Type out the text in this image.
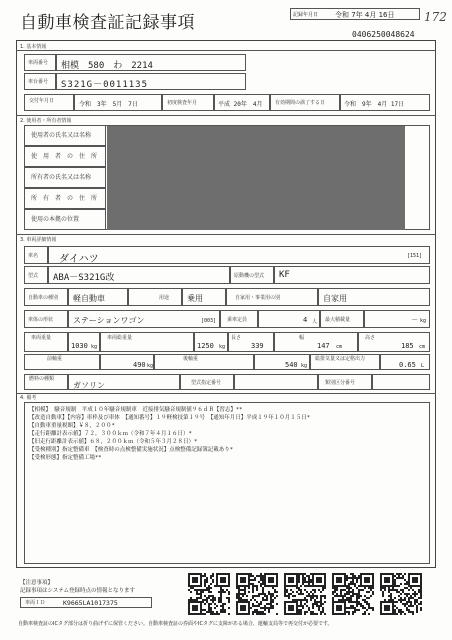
自動車検査証記録事項	記録年月日 令和 7年 4月 16日 172
0406250048624
1. 基本情報
車両番号 相模　580　わ　2214
車台番号 S321G－0011135
交付年月日	令和　3年　5月　7日	初度検査年月	平成 20年　4月	有効期間の満了する日	令和　9年　4月 17日
2. 使用者・所有者情報
使用者の氏名又は名称
使　用　者　の　住　所
所有者の氏名又は名称
所　有　者　の　住　所
使用の本拠の位置
3. 車両詳細情報
車名 ダイハツ	[151]
型式 ABA－S321G改	原動機の型式 KF
自動車の種別 軽自動車	用途 乗用	自家用・事業用の別	自家用
車体の形状 ステーションワゴン	[003] 乗車定員	4 人 最大積載量	－ kg
車両重量
1030 kg
車両総重量
1250 kg
長さ
339
幅
147 cm
高さ
185 cm
前軸重
490 kg
後軸重
540 kg
総排気量又は定格出力
0.65 L
燃料の種類
ガソリン	型式指定番号	類別区分番号
4. 備考
【相模】 騒音規制　平成１０年騒音規制車　近接排気騒音規制値９６ｄＢ【習志】**
【改造自動車】【内容】車枠及び車体　【通知番号】１９軽検技第１９号　【通知年月日】平成１９年１０月１５日*
【自動車重量税額】￥８，２００*
【走行距離計表示値】７２，３００ｋｍ（令和７年４月１６日）*
【旧走行距離計表示値】６８，２００ｋｍ（令和５年３月２８日）*
【受検種別】指定整備車　【検査時の点検整備実施状況】点検整備記録簿記載あり*
【受検形態】指定整備工場**
【注意事項】
記録事項はシステム登録時点の情報となります
車両ＩＤ	K9665LA1017375
自動車検査証のICタグ部分は折り曲げずに保管ください。自動車検査証の券面やICタグに支障がある場合、運輸支局等で再交付が必要です。
